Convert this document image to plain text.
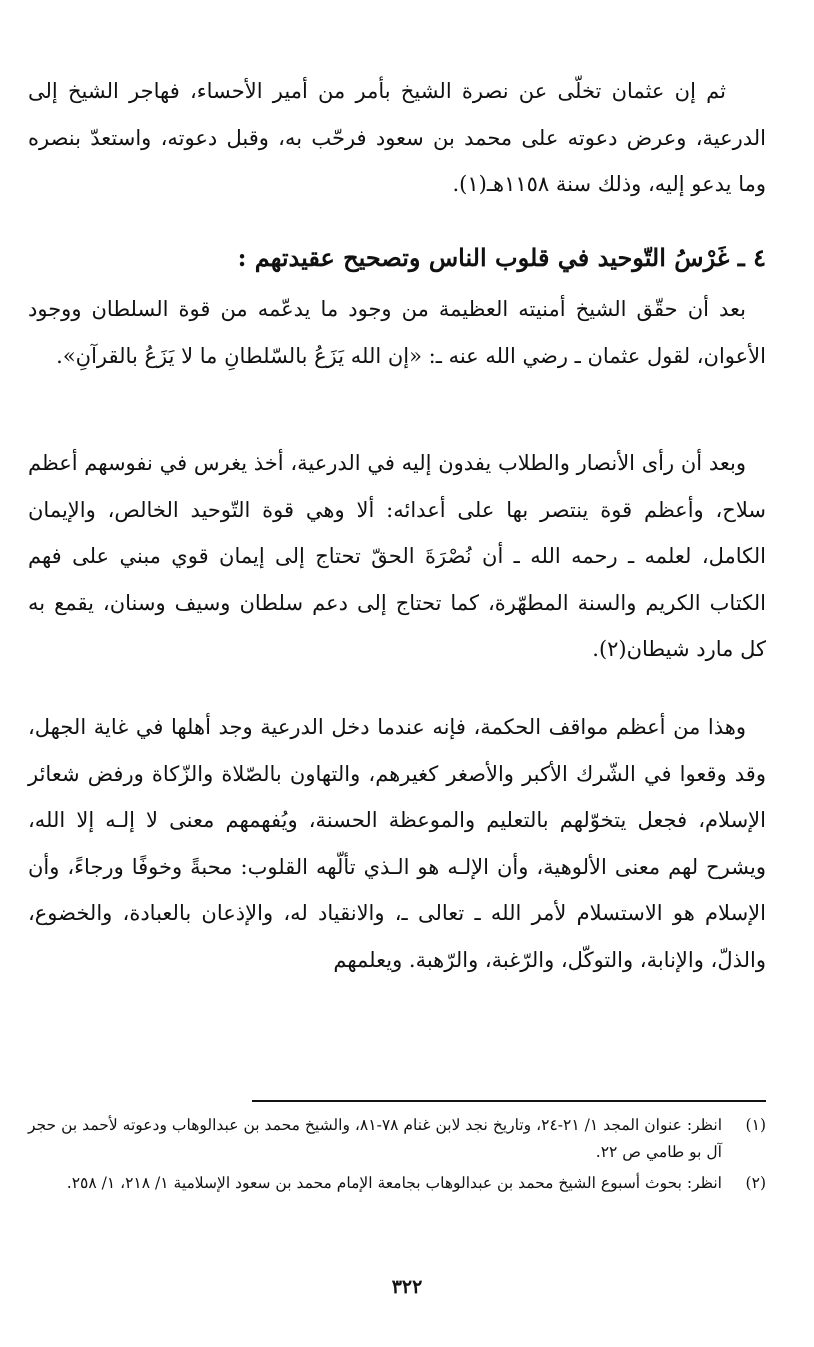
ثم إن عثمان تخلّى عن نصرة الشيخ بأمر من أمير الأحساء، فهاجر الشيخ إلى الدرعية، وعرض دعوته على محمد بن سعود فرحّب به، وقبل دعوته، واستعدّ بنصره وما يدعو إليه، وذلك سنة ١١٥٨هـ(١).

٤ ـ غَرْسُ التّوحيد في قلوب الناس وتصحيح عقيدتهم :

بعد أن حقّق الشيخ أمنيته العظيمة من وجود ما يدعّمه من قوة السلطان ووجود الأعوان، لقول عثمان ـ رضي الله عنه ـ: «إن الله يَزَعُ بالسّلطانِ ما لا يَزَعُ بالقرآنِ».

وبعد أن رأى الأنصار والطلاب يفدون إليه في الدرعية، أخذ يغرس في نفوسهم أعظم سلاح، وأعظم قوة ينتصر بها على أعدائه: ألا وهي قوة التّوحيد الخالص، والإيمان الكامل، لعلمه ـ رحمه الله ـ أن نُصْرَةَ الحقّ تحتاج إلى إيمان قوي مبني على فهم الكتاب الكريم والسنة المطهّرة، كما تحتاج إلى دعم سلطان وسيف وسنان، يقمع به كل مارد شيطان(٢).

وهذا من أعظم مواقف الحكمة، فإنه عندما دخل الدرعية وجد أهلها في غاية الجهل، وقد وقعوا في الشّرك الأكبر والأصغر كغيرهم، والتهاون بالصّلاة والزّكاة ورفض شعائر الإسلام، فجعل يتخوّلهم بالتعليم والموعظة الحسنة، ويُفهمهم معنى لا إلـه إلا الله، ويشرح لهم معنى الألوهية، وأن الإلـه هو الـذي تألّهه القلوب: محبةً وخوفًا ورجاءً، وأن الإسلام هو الاستسلام لأمر الله ـ تعالى ـ، والانقياد له، والإذعان بالعبادة، والخضوع، والذلّ، والإنابة، والتوكّل، والرّغبة، والرّهبة. ويعلمهم

(١)
انظر: عنوان المجد ١/ ٢١-٢٤، وتاريخ نجد لابن غنام ٧٨-٨١، والشيخ محمد بن عبدالوهاب ودعوته لأحمد بن حجر آل بو طامي ص ٢٢.
(٢)
انظر: بحوث أسبوع الشيخ محمد بن عبدالوهاب بجامعة الإمام محمد بن سعود الإسلامية ١/ ٢١٨، ١/ ٢٥٨.
٣٢٢
